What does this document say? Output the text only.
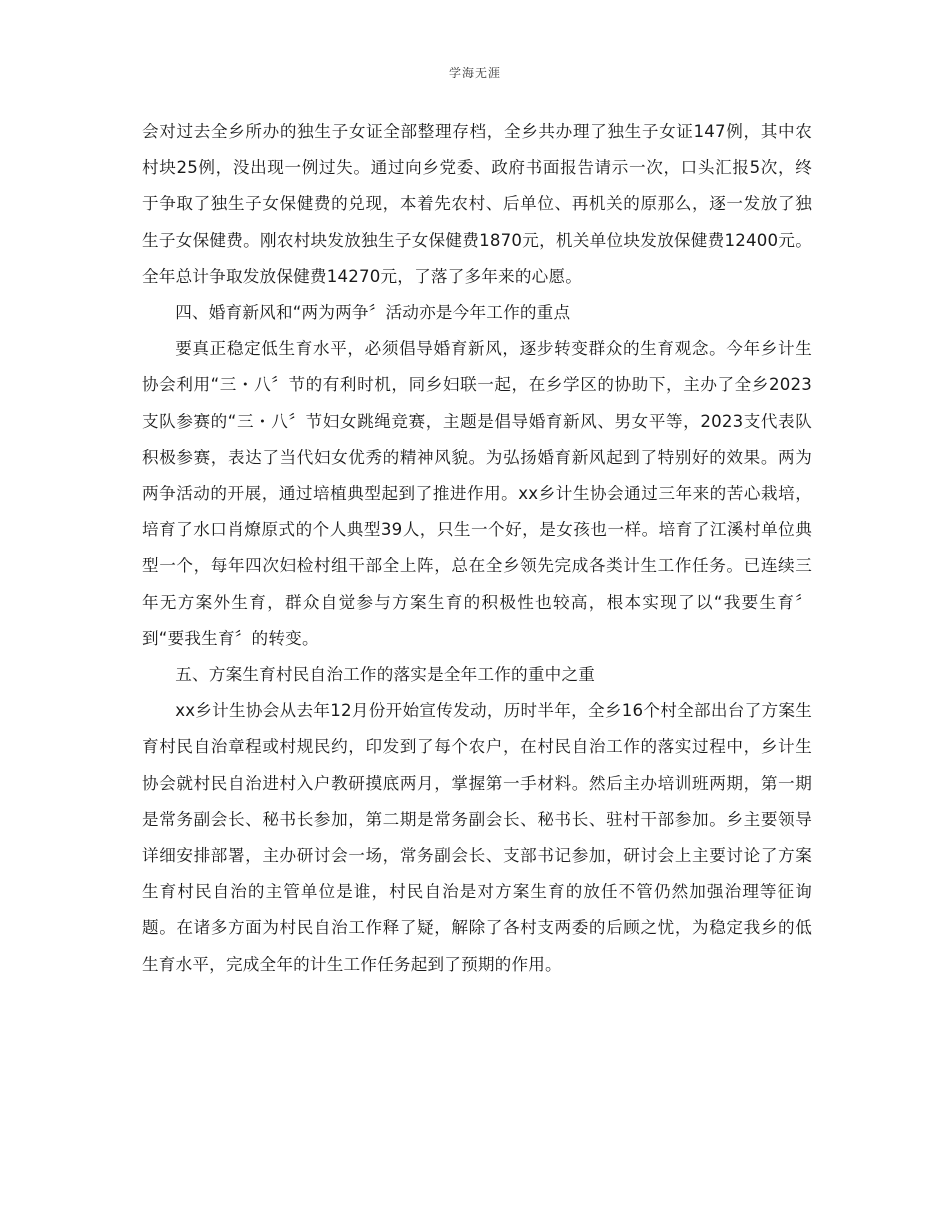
学海无涯

会对过去全乡所办的独生子女证全部整理存档，全乡共办理了独生子女证147例，其中农村块25例，没出现一例过失。通过向乡党委、政府书面报告请示一次，口头汇报5次，终于争取了独生子女保健费的兑现，本着先农村、后单位、再机关的原那么，逐一发放了独生子女保健费。刚农村块发放独生子女保健费1870元，机关单位块发放保健费12400元。全年总计争取发放保健费14270元，了落了多年来的心愿。

四、婚育新风和“两为两争〞活动亦是今年工作的重点

要真正稳定低生育水平，必须倡导婚育新风，逐步转变群众的生育观念。今年乡计生协会利用“三・八〞节的有利时机，同乡妇联一起，在乡学区的协助下，主办了全乡2023支队参赛的“三・八〞节妇女跳绳竞赛，主题是倡导婚育新风、男女平等，2023支代表队积极参赛，表达了当代妇女优秀的精神风貌。为弘扬婚育新风起到了特别好的效果。两为两争活动的开展，通过培植典型起到了推进作用。xx乡计生协会通过三年来的苦心栽培，培育了水口肖燎原式的个人典型39人，只生一个好，是女孩也一样。培育了江溪村单位典型一个，每年四次妇检村组干部全上阵，总在全乡领先完成各类计生工作任务。已连续三年无方案外生育，群众自觉参与方案生育的积极性也较高，根本实现了以“我要生育〞到“要我生育〞的转变。

五、方案生育村民自治工作的落实是全年工作的重中之重

xx乡计生协会从去年12月份开始宣传发动，历时半年，全乡16个村全部出台了方案生育村民自治章程或村规民约，印发到了每个农户，在村民自治工作的落实过程中，乡计生协会就村民自治进村入户教研摸底两月，掌握第一手材料。然后主办培训班两期，第一期是常务副会长、秘书长参加，第二期是常务副会长、秘书长、驻村干部参加。乡主要领导详细安排部署，主办研讨会一场，常务副会长、支部书记参加，研讨会上主要讨论了方案生育村民自治的主管单位是谁，村民自治是对方案生育的放任不管仍然加强治理等征询题。在诸多方面为村民自治工作释了疑，解除了各村支两委的后顾之忧，为稳定我乡的低生育水平，完成全年的计生工作任务起到了预期的作用。
